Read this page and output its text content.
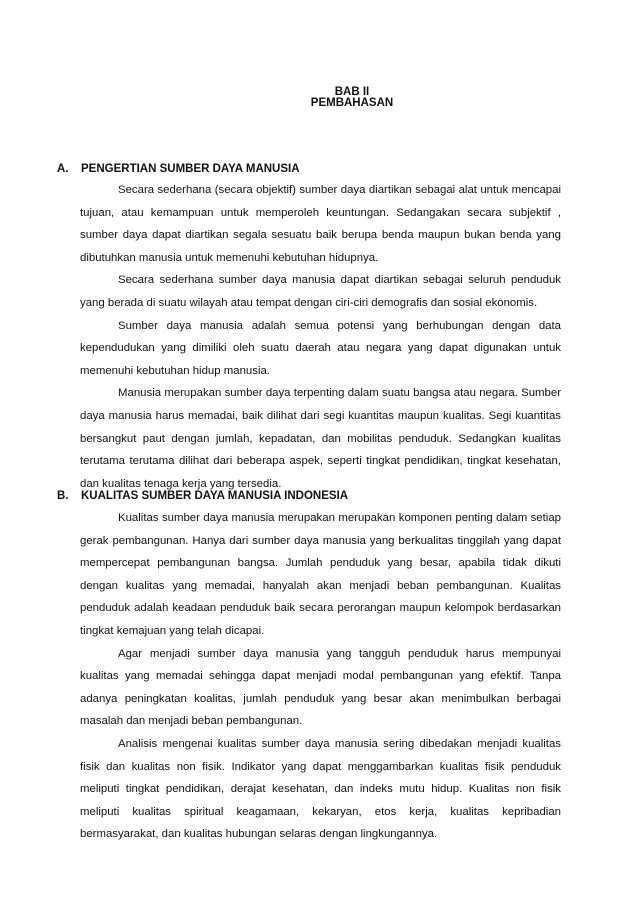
BAB II
PEMBAHASAN
A. PENGERTIAN SUMBER DAYA MANUSIA

Secara sederhana (secara objektif) sumber daya diartikan sebagai alat untuk mencapai tujuan, atau kemampuan untuk memperoleh keuntungan. Sedangakan secara subjektif , sumber daya dapat diartikan segala sesuatu baik berupa benda maupun bukan benda yang dibutuhkan manusia untuk memenuhi kebutuhan hidupnya.

Secara sederhana sumber daya manusia dapat diartikan sebagai seluruh penduduk yang berada di suatu wilayah atau tempat dengan ciri-ciri demografis dan sosial ekonomis.

Sumber daya manusia adalah semua potensi yang berhubungan dengan data kependudukan yang dimiliki oleh suatu daerah atau negara yang dapat digunakan untuk memenuhi kebutuhan hidup manusia.

Manusia merupakan sumber daya terpenting dalam suatu bangsa atau negara. Sumber daya manusia harus memadai, baik dilihat dari segi kuantitas maupun kualitas. Segi kuantitas bersangkut paut dengan jumlah, kepadatan, dan mobilitas penduduk. Sedangkan kualitas terutama terutama dilihat dari beberapa aspek, seperti tingkat pendidikan, tingkat kesehatan, dan kualitas tenaga kerja yang tersedia.

B. KUALITAS SUMBER DAYA MANUSIA INDONESIA

Kualitas sumber daya manusia merupakan merupakan komponen penting dalam setiap gerak pembangunan. Hanya dari sumber daya manusia yang berkualitas tinggilah yang dapat mempercepat pembangunan bangsa. Jumlah penduduk yang besar, apabila tidak dikuti dengan kualitas yang memadai, hanyalah akan menjadi beban pembangunan. Kualitas penduduk adalah keadaan penduduk baik secara perorangan maupun kelompok berdasarkan tingkat kemajuan yang telah dicapai.

Agar menjadi sumber daya manusia yang tangguh penduduk harus mempunyai kualitas yang memadai sehingga dapat menjadi modal pembangunan yang efektif. Tanpa adanya peningkatan koalitas, jumlah penduduk yang besar akan menimbulkan berbagai masalah dan menjadi beban pembangunan.

Analisis mengenai kualitas sumber daya manusia sering dibedakan menjadi kualitas fisik dan kualitas non fisik. Indikator yang dapat menggambarkan kualitas fisik penduduk meliputi tingkat pendidikan, derajat kesehatan, dan indeks mutu hidup. Kualitas non fisik meliputi kualitas spiritual keagamaan, kekaryan, etos kerja, kualitas kepribadian bermasyarakat, dan kualitas hubungan selaras dengan lingkungannya.
